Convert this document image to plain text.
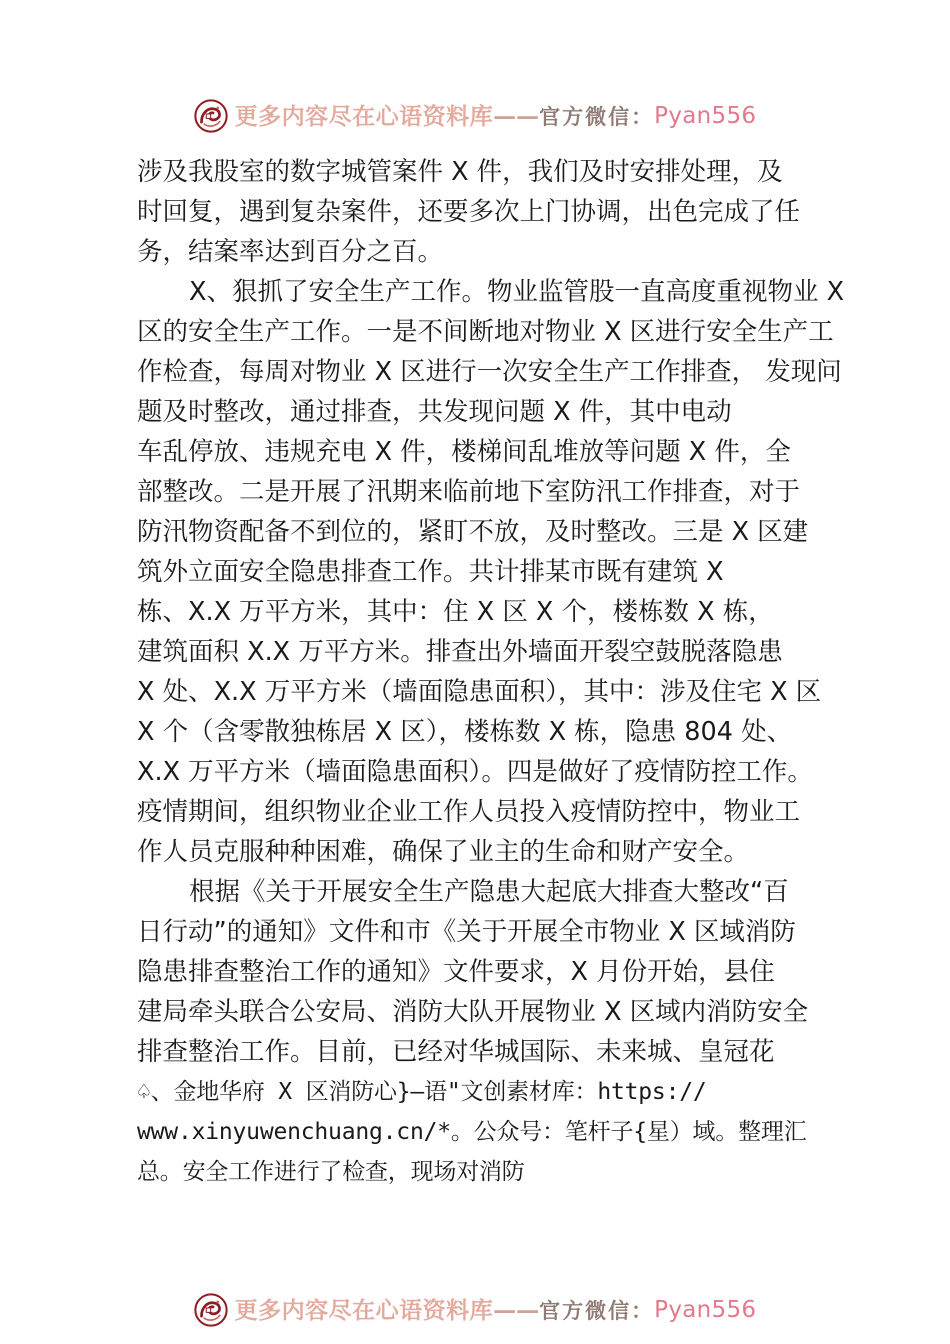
更多内容尽在心语资料库 —— 官方微信 ： Pyan556
涉及我股室的数字城管案件 X 件，我们及时安排处理，及
时回复，遇到复杂案件，还要多次上门协调，出色完成了任
务，结案率达到百分之百。
X、狠抓了安全生产工作。物业监管股一直高度重视物业 X
区的安全生产工作。一是不间断地对物业 X 区进行安全生产工
作检查，每周对物业 X 区进行一次安全生产工作排查， 发现问
题及时整改，通过排查，共发现问题 X 件，其中电动
车乱停放、违规充电 X 件，楼梯间乱堆放等问题 X 件，全
部整改。二是开展了汛期来临前地下室防汛工作排查，对于
防汛物资配备不到位的，紧盯不放，及时整改。三是 X 区建
筑外立面安全隐患排查工作。共计排某市既有建筑 X
栋、X.X 万平方米，其中：住 X 区 X 个，楼栋数 X 栋，
建筑面积 X.X 万平方米。排查出外墙面开裂空鼓脱落隐患
X 处、X.X 万平方米（墙面隐患面积），其中：涉及住宅 X 区
X 个（含零散独栋居 X 区），楼栋数 X 栋，隐患 804 处、
X.X 万平方米（墙面隐患面积）。四是做好了疫情防控工作。
疫情期间，组织物业企业工作人员投入疫情防控中，物业工
作人员克服种种困难，确保了业主的生命和财产安全。
根据《关于开展安全生产隐患大起底大排查大整改“百
日行动”的通知》文件和市《关于开展全市物业 X 区域消防
隐患排查整治工作的通知》文件要求，X 月份开始，县住
建局牵头联合公安局、消防大队开展物业 X 区域内消防安全
排查整治工作。目前，已经对华城国际、未来城、皇冠花
♤、金地华府 X 区消防心}—语"文创素材库：https://
www.xinyuwenchuang.cn/*。公众号：笔杆子{星）域。整理汇
总。安全工作进行了检查，现场对消防
更多内容尽在心语资料库 —— 官方微信 ： Pyan556
